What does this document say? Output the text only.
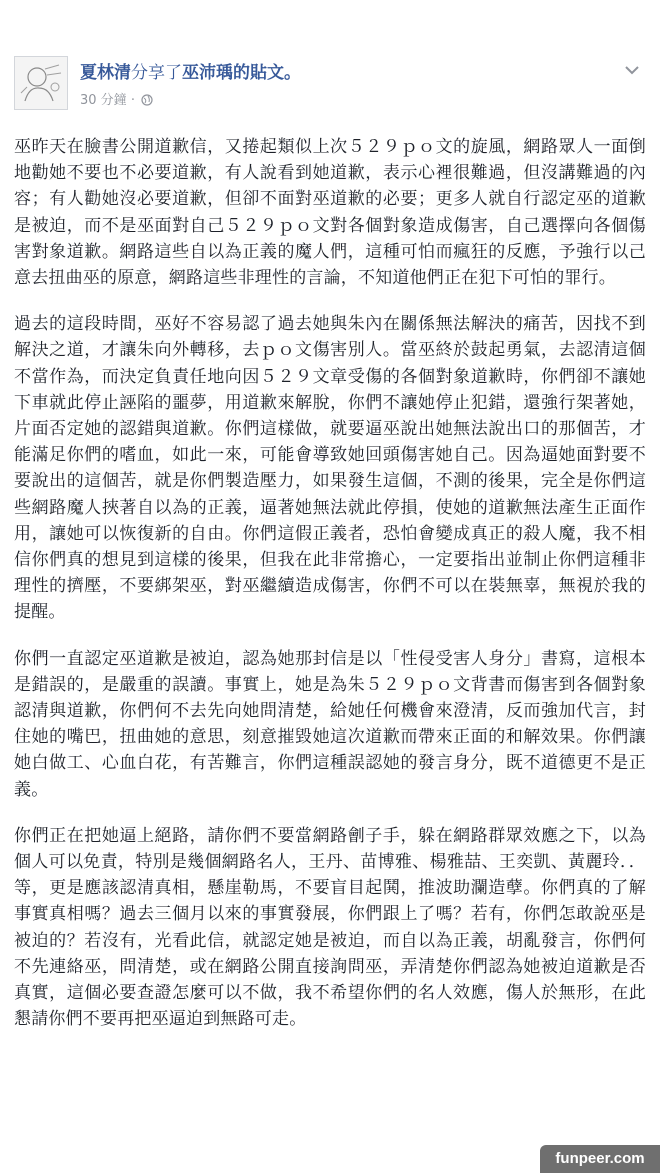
夏林清分享了巫沛瑀的貼文。
30 分鐘 ·

巫昨天在臉書公開道歉信，又捲起類似上次５２９ｐｏ文的旋風，網路眾人一面倒地勸她不要也不必要道歉，有人說看到她道歉，表示心裡很難過，但沒講難過的內容；有人勸她沒必要道歉，但卻不面對巫道歉的必要；更多人就自行認定巫的道歉是被迫，而不是巫面對自己５２９ｐｏ文對各個對象造成傷害，自己選擇向各個傷害對象道歉。網路這些自以為正義的魔人們，這種可怕而瘋狂的反應，予強行以己意去扭曲巫的原意，網路這些非理性的言論，不知道他們正在犯下可怕的罪行。

過去的這段時間，巫好不容易認了過去她與朱內在關係無法解決的痛苦，因找不到解決之道，才讓朱向外轉移，去ｐｏ文傷害別人。當巫終於鼓起勇氣，去認清這個不當作為，而決定負責任地向因５２９文章受傷的各個對象道歉時，你們卻不讓她下車就此停止誣陷的噩夢，用道歉來解脫，你們不讓她停止犯錯，還強行架著她，片面否定她的認錯與道歉。你們這樣做，就要逼巫說出她無法說出口的那個苦，才能滿足你們的嗜血，如此一來，可能會導致她回頭傷害她自己。因為逼她面對要不要說出的這個苦，就是你們製造壓力，如果發生這個，不測的後果，完全是你們這些網路魔人挾著自以為的正義，逼著她無法就此停損，使她的道歉無法產生正面作用，讓她可以恢復新的自由。你們這假正義者，恐怕會變成真正的殺人魔，我不相信你們真的想見到這樣的後果，但我在此非常擔心，一定要指出並制止你們這種非理性的擠壓，不要綁架巫，對巫繼續造成傷害，你們不可以在裝無辜，無視於我的提醒。

你們一直認定巫道歉是被迫，認為她那封信是以「性侵受害人身分」書寫，這根本是錯誤的，是嚴重的誤讀。事實上，她是為朱５２９ｐｏ文背書而傷害到各個對象認清與道歉，你們何不去先向她問清楚，給她任何機會來澄清，反而強加代言，封住她的嘴巴，扭曲她的意思，刻意摧毀她這次道歉而帶來正面的和解效果。你們讓她白做工、心血白花，有苦難言，你們這種誤認她的發言身分，既不道德更不是正義。

你們正在把她逼上絕路，請你們不要當網路劊子手，躲在網路群眾效應之下，以為個人可以免責，特別是幾個網路名人，王丹、苗博雅、楊雅喆、王奕凱、黃麗玲．．等，更是應該認清真相，懸崖勒馬，不要盲目起鬨，推波助瀾造孽。你們真的了解事實真相嗎？過去三個月以來的事實發展，你們跟上了嗎？若有，你們怎敢說巫是被迫的？若沒有，光看此信，就認定她是被迫，而自以為正義，胡亂發言，你們何不先連絡巫，問清楚，或在網路公開直接詢問巫，弄清楚你們認為她被迫道歉是否真實，這個必要查證怎麼可以不做，我不希望你們的名人效應，傷人於無形，在此懇請你們不要再把巫逼迫到無路可走。

funpeer.com
